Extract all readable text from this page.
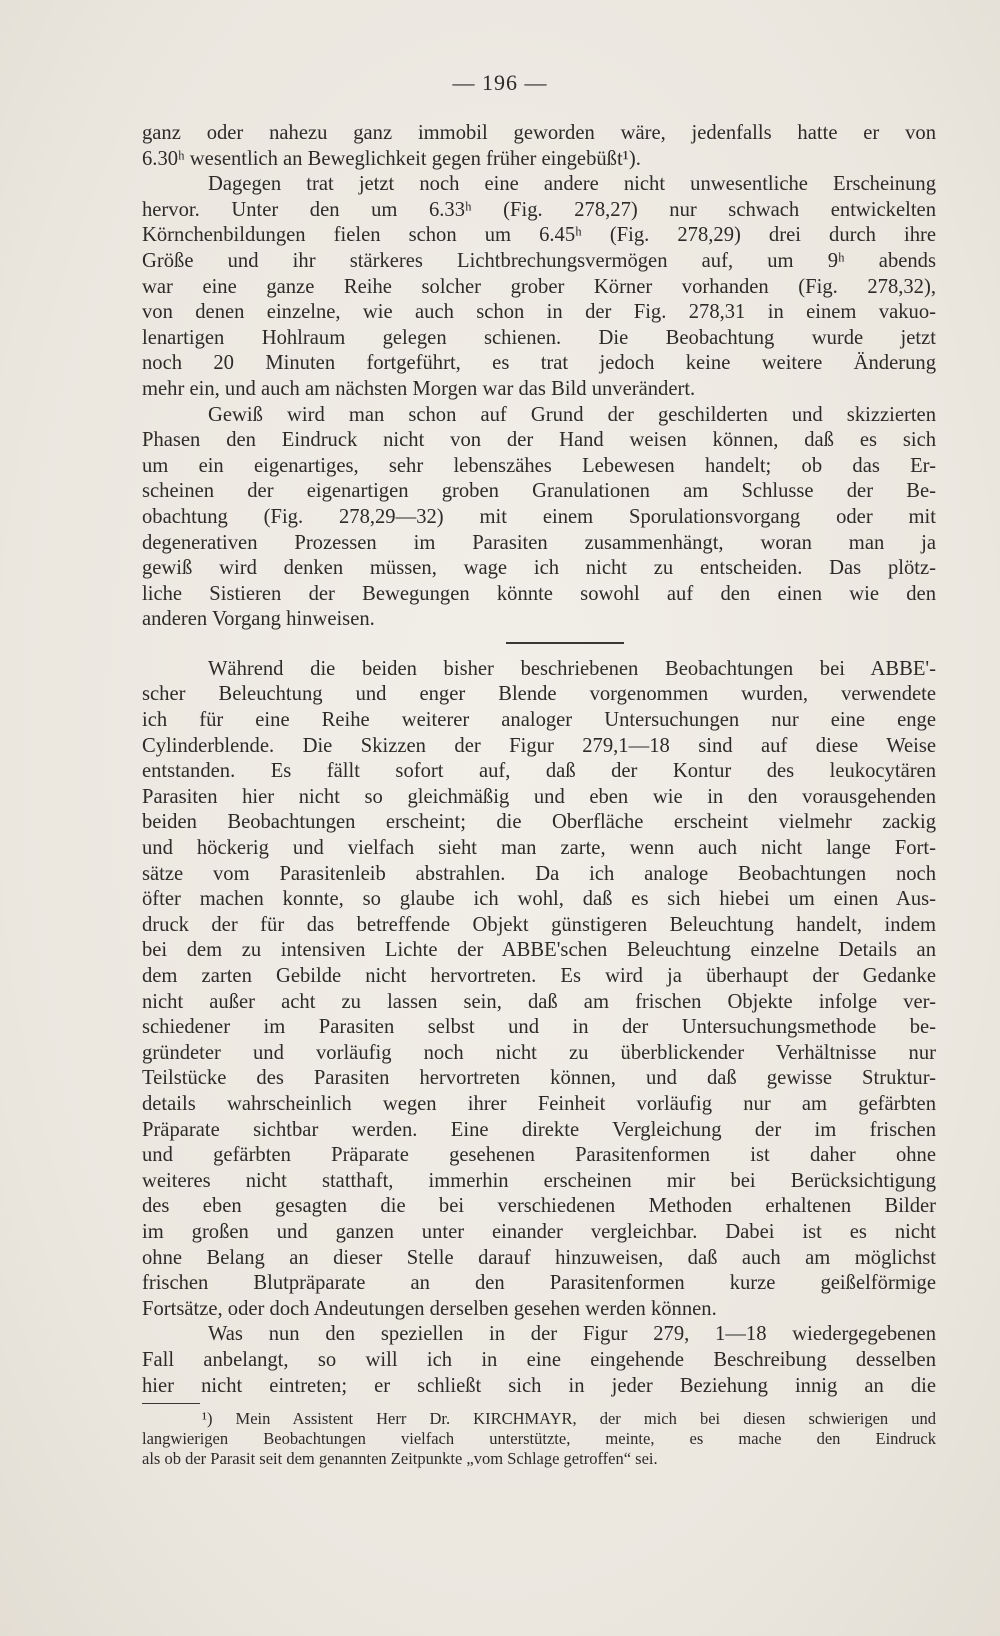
— 196 —
ganz oder nahezu ganz immobil geworden wäre, jedenfalls hatte er von
6.30ʰ wesentlich an Beweglichkeit gegen früher eingebüßt¹).
Dagegen trat jetzt noch eine andere nicht unwesentliche Erscheinung
hervor. Unter den um 6.33ʰ (Fig. 278,27) nur schwach entwickelten
Körnchenbildungen fielen schon um 6.45ʰ (Fig. 278,29) drei durch ihre
Größe und ihr stärkeres Lichtbrechungsvermögen auf, um 9ʰ abends
war eine ganze Reihe solcher grober Körner vorhanden (Fig. 278,32),
von denen einzelne, wie auch schon in der Fig. 278,31 in einem vakuo-
lenartigen Hohlraum gelegen schienen. Die Beobachtung wurde jetzt
noch 20 Minuten fortgeführt, es trat jedoch keine weitere Änderung
mehr ein, und auch am nächsten Morgen war das Bild unverändert.
Gewiß wird man schon auf Grund der geschilderten und skizzierten
Phasen den Eindruck nicht von der Hand weisen können, daß es sich
um ein eigenartiges, sehr lebenszähes Lebewesen handelt; ob das Er-
scheinen der eigenartigen groben Granulationen am Schlusse der Be-
obachtung (Fig. 278,29—32) mit einem Sporulationsvorgang oder mit
degenerativen Prozessen im Parasiten zusammenhängt, woran man ja
gewiß wird denken müssen, wage ich nicht zu entscheiden. Das plötz-
liche Sistieren der Bewegungen könnte sowohl auf den einen wie den
anderen Vorgang hinweisen.
Während die beiden bisher beschriebenen Beobachtungen bei ABBE'-
scher Beleuchtung und enger Blende vorgenommen wurden, verwendete
ich für eine Reihe weiterer analoger Untersuchungen nur eine enge
Cylinderblende. Die Skizzen der Figur 279,1—18 sind auf diese Weise
entstanden. Es fällt sofort auf, daß der Kontur des leukocytären
Parasiten hier nicht so gleichmäßig und eben wie in den vorausgehenden
beiden Beobachtungen erscheint; die Oberfläche erscheint vielmehr zackig
und höckerig und vielfach sieht man zarte, wenn auch nicht lange Fort-
sätze vom Parasitenleib abstrahlen. Da ich analoge Beobachtungen noch
öfter machen konnte, so glaube ich wohl, daß es sich hiebei um einen Aus-
druck der für das betreffende Objekt günstigeren Beleuchtung handelt, indem
bei dem zu intensiven Lichte der ABBE'schen Beleuchtung einzelne Details an
dem zarten Gebilde nicht hervortreten. Es wird ja überhaupt der Gedanke
nicht außer acht zu lassen sein, daß am frischen Objekte infolge ver-
schiedener im Parasiten selbst und in der Untersuchungsmethode be-
gründeter und vorläufig noch nicht zu überblickender Verhältnisse nur
Teilstücke des Parasiten hervortreten können, und daß gewisse Struktur-
details wahrscheinlich wegen ihrer Feinheit vorläufig nur am gefärbten
Präparate sichtbar werden. Eine direkte Vergleichung der im frischen
und gefärbten Präparate gesehenen Parasitenformen ist daher ohne
weiteres nicht statthaft, immerhin erscheinen mir bei Berücksichtigung
des eben gesagten die bei verschiedenen Methoden erhaltenen Bilder
im großen und ganzen unter einander vergleichbar. Dabei ist es nicht
ohne Belang an dieser Stelle darauf hinzuweisen, daß auch am möglichst
frischen Blutpräparate an den Parasitenformen kurze geißelförmige
Fortsätze, oder doch Andeutungen derselben gesehen werden können.
Was nun den speziellen in der Figur 279, 1—18 wiedergegebenen
Fall anbelangt, so will ich in eine eingehende Beschreibung desselben
hier nicht eintreten; er schließt sich in jeder Beziehung innig an die
¹) Mein Assistent Herr Dr. KIRCHMAYR, der mich bei diesen schwierigen und
langwierigen Beobachtungen vielfach unterstützte, meinte, es mache den Eindruck
als ob der Parasit seit dem genannten Zeitpunkte „vom Schlage getroffen“ sei.
